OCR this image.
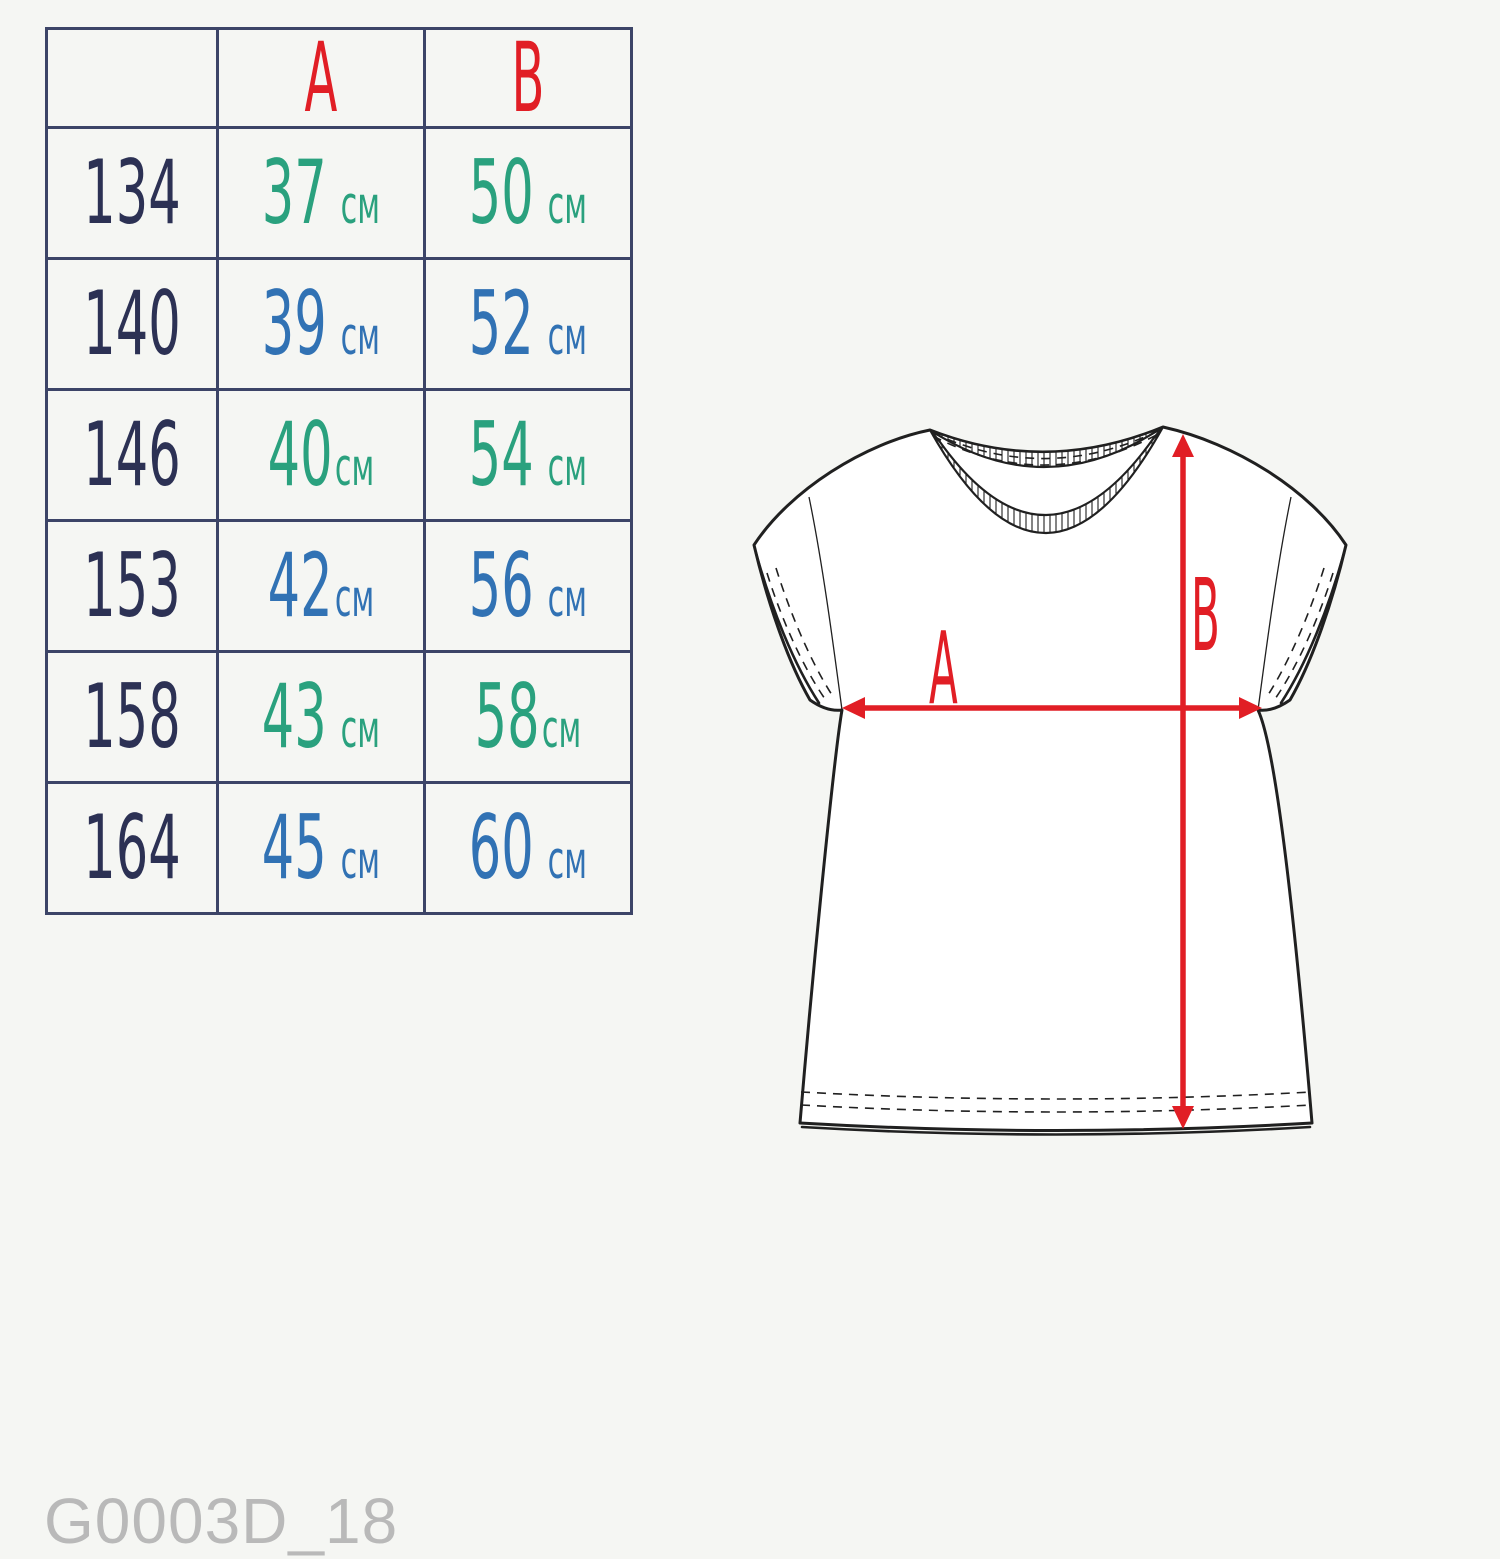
	A	B

134	37 см	50 см

140	39 см	52 см

146	40 см	54 см

153	42 см	56 см

158	43 см	58 см

164	45 см	60 см
A B
G0003D_18
